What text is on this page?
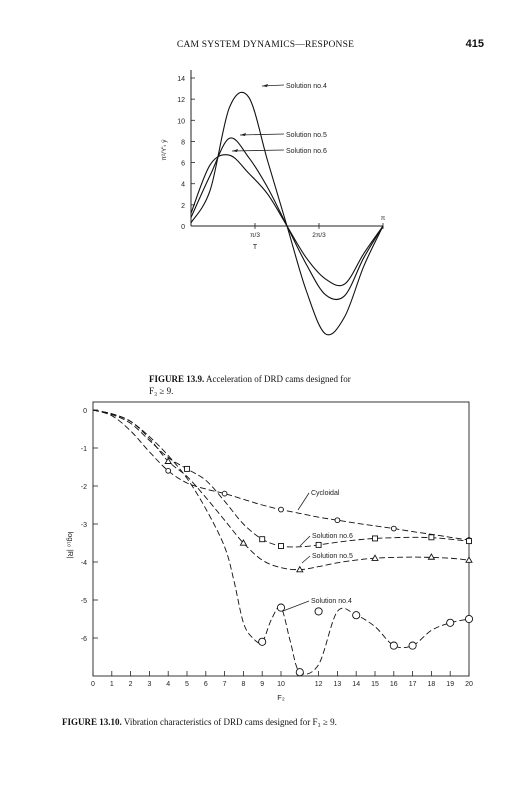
CAM SYSTEM DYNAMICS—RESPONSE	415
0
2
4
6
8
10
12
14
π/3	2π/3
π
T
π²/Y'ₜ ÿ
Solution no.4
Solution no.5
Solution no.6
0
-1
-2
-3
-4
-5
-6
log₁₀ |R|
0 1 2 3 4 5 6 7 8 9 10	12 13 14 15 16 17 18 19 20
F₂
Cycloidal
Solution no.6
Solution no.5
Solution no.4
FIGURE 13.9. Acceleration of DRD cams designed for
F₃ ≥ 9.
FIGURE 13.10. Vibration characteristics of DRD cams designed for F₃ ≥ 9.
